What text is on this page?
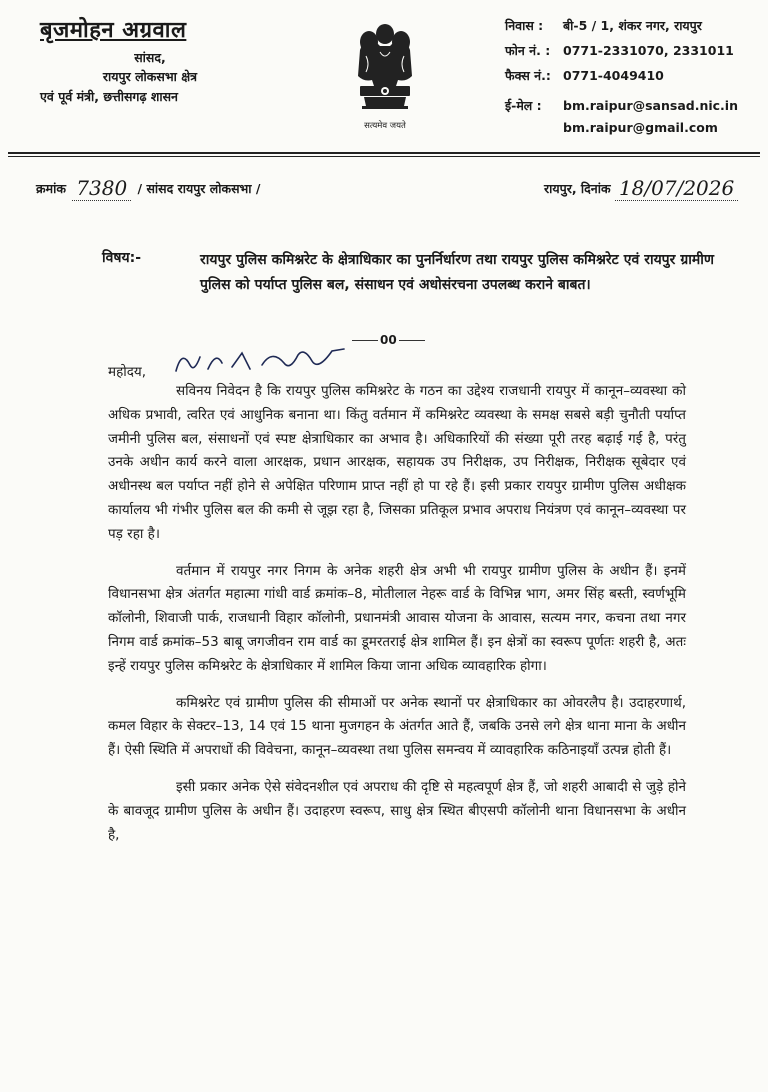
बृजमोहन अग्रवाल
सांसद,
रायपुर लोकसभा क्षेत्र
एवं पूर्व मंत्री, छत्तीसगढ़ शासन
सत्यमेव जयते
निवास :	बी-5 / 1, शंकर नगर, रायपुर
फोन नं. :	0771-2331070, 2331011
फैक्स नं.: 0771-4049410
ई-मेल :	bm.raipur@sansad.nic.in
bm.raipur@gmail.com
क्रमांक 7380 / सांसद रायपुर लोकसभा /	रायपुर, दिनांक 18/07/2026
विषय:-	रायपुर पुलिस कमिश्नरेट के क्षेत्राधिकार का पुनर्निर्धारण तथा रायपुर पुलिस कमिश्नरेट एवं रायपुर ग्रामीण पुलिस को पर्याप्त पुलिस बल, संसाधन एवं अधोसंरचना उपलब्ध कराने बाबत।
00
महोदय,

सविनय निवेदन है कि रायपुर पुलिस कमिश्नरेट के गठन का उद्देश्य राजधानी रायपुर में कानून–व्यवस्था को अधिक प्रभावी, त्वरित एवं आधुनिक बनाना था। किंतु वर्तमान में कमिश्नरेट व्यवस्था के समक्ष सबसे बड़ी चुनौती पर्याप्त जमीनी पुलिस बल, संसाधनों एवं स्पष्ट क्षेत्राधिकार का अभाव है। अधिकारियों की संख्या पूरी तरह बढ़ाई गई है, परंतु उनके अधीन कार्य करने वाला आरक्षक, प्रधान आरक्षक, सहायक उप निरीक्षक, उप निरीक्षक, निरीक्षक सूबेदार एवं अधीनस्थ बल पर्याप्त नहीं होने से अपेक्षित परिणाम प्राप्त नहीं हो पा रहे हैं। इसी प्रकार रायपुर ग्रामीण पुलिस अधीक्षक कार्यालय भी गंभीर पुलिस बल की कमी से जूझ रहा है, जिसका प्रतिकूल प्रभाव अपराध नियंत्रण एवं कानून–व्यवस्था पर पड़ रहा है।

वर्तमान में रायपुर नगर निगम के अनेक शहरी क्षेत्र अभी भी रायपुर ग्रामीण पुलिस के अधीन हैं। इनमें विधानसभा क्षेत्र अंतर्गत महात्मा गांधी वार्ड क्रमांक–8, मोतीलाल नेहरू वार्ड के विभिन्न भाग, अमर सिंह बस्ती, स्वर्णभूमि कॉलोनी, शिवाजी पार्क, राजधानी विहार कॉलोनी, प्रधानमंत्री आवास योजना के आवास, सत्यम नगर, कचना तथा नगर निगम वार्ड क्रमांक–53 बाबू जगजीवन राम वार्ड का डूमरतराई क्षेत्र शामिल हैं। इन क्षेत्रों का स्वरूप पूर्णतः शहरी है, अतः इन्हें रायपुर पुलिस कमिश्नरेट के क्षेत्राधिकार में शामिल किया जाना अधिक व्यावहारिक होगा।

कमिश्नरेट एवं ग्रामीण पुलिस की सीमाओं पर अनेक स्थानों पर क्षेत्राधिकार का ओवरलैप है। उदाहरणार्थ, कमल विहार के सेक्टर–13, 14 एवं 15 थाना मुजगहन के अंतर्गत आते हैं, जबकि उनसे लगे क्षेत्र थाना माना के अधीन हैं। ऐसी स्थिति में अपराधों की विवेचना, कानून–व्यवस्था तथा पुलिस समन्वय में व्यावहारिक कठिनाइयाँ उत्पन्न होती हैं।

इसी प्रकार अनेक ऐसे संवेदनशील एवं अपराध की दृष्टि से महत्वपूर्ण क्षेत्र हैं, जो शहरी आबादी से जुड़े होने के बावजूद ग्रामीण पुलिस के अधीन हैं। उदाहरण स्वरूप, साधु क्षेत्र स्थित बीएसपी कॉलोनी थाना विधानसभा के अधीन है,
